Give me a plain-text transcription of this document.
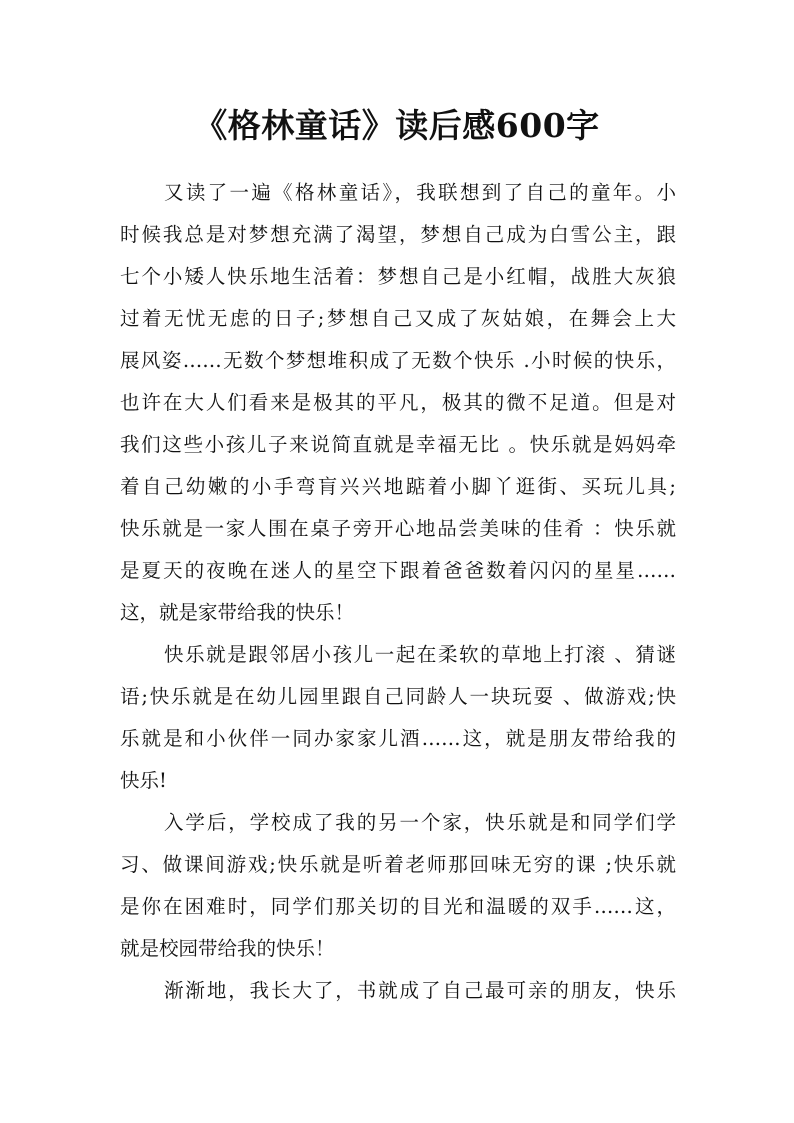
《格林童话》读后感600字
又读了一遍《格林童话》，我联想到了自己的童年。小
时候我总是对梦想充满了渴望，梦想自己成为白雪公主，跟
七个小矮人快乐地生活着：梦想自己是小红帽，战胜大灰狼
过着无忧无虑的日子;梦想自己又成了灰姑娘，在舞会上大
展风姿……无数个梦想堆积成了无数个快乐 .小时候的快乐，
也许在大人们看来是极其的平凡，极其的微不足道。但是对
我们这些小孩儿子来说简直就是幸福无比 。快乐就是妈妈牵
着自己幼嫩的小手弯肓兴兴地踮着小脚丫逛街、买玩儿具;
快乐就是一家人围在桌子旁开心地品尝美味的佳肴 ：快乐就
是夏天的夜晚在迷人的星空下跟着爸爸数着闪闪的星星……
这，就是家带给我的快乐！
快乐就是跟邻居小孩儿一起在柔软的草地上打滚 、猜谜
语;快乐就是在幼儿园里跟自己同龄人一块玩耍 、做游戏;快
乐就是和小伙伴一同办家家儿酒……这，就是朋友带给我的
快乐!
入学后，学校成了我的另一个家，快乐就是和同学们学
习、做课间游戏;快乐就是听着老师那回味无穷的课 ;快乐就
是你在困难时，同学们那关切的目光和温暖的双手……这，
就是校园带给我的快乐！
渐渐地，我长大了，书就成了自己最可亲的朋友，快乐
